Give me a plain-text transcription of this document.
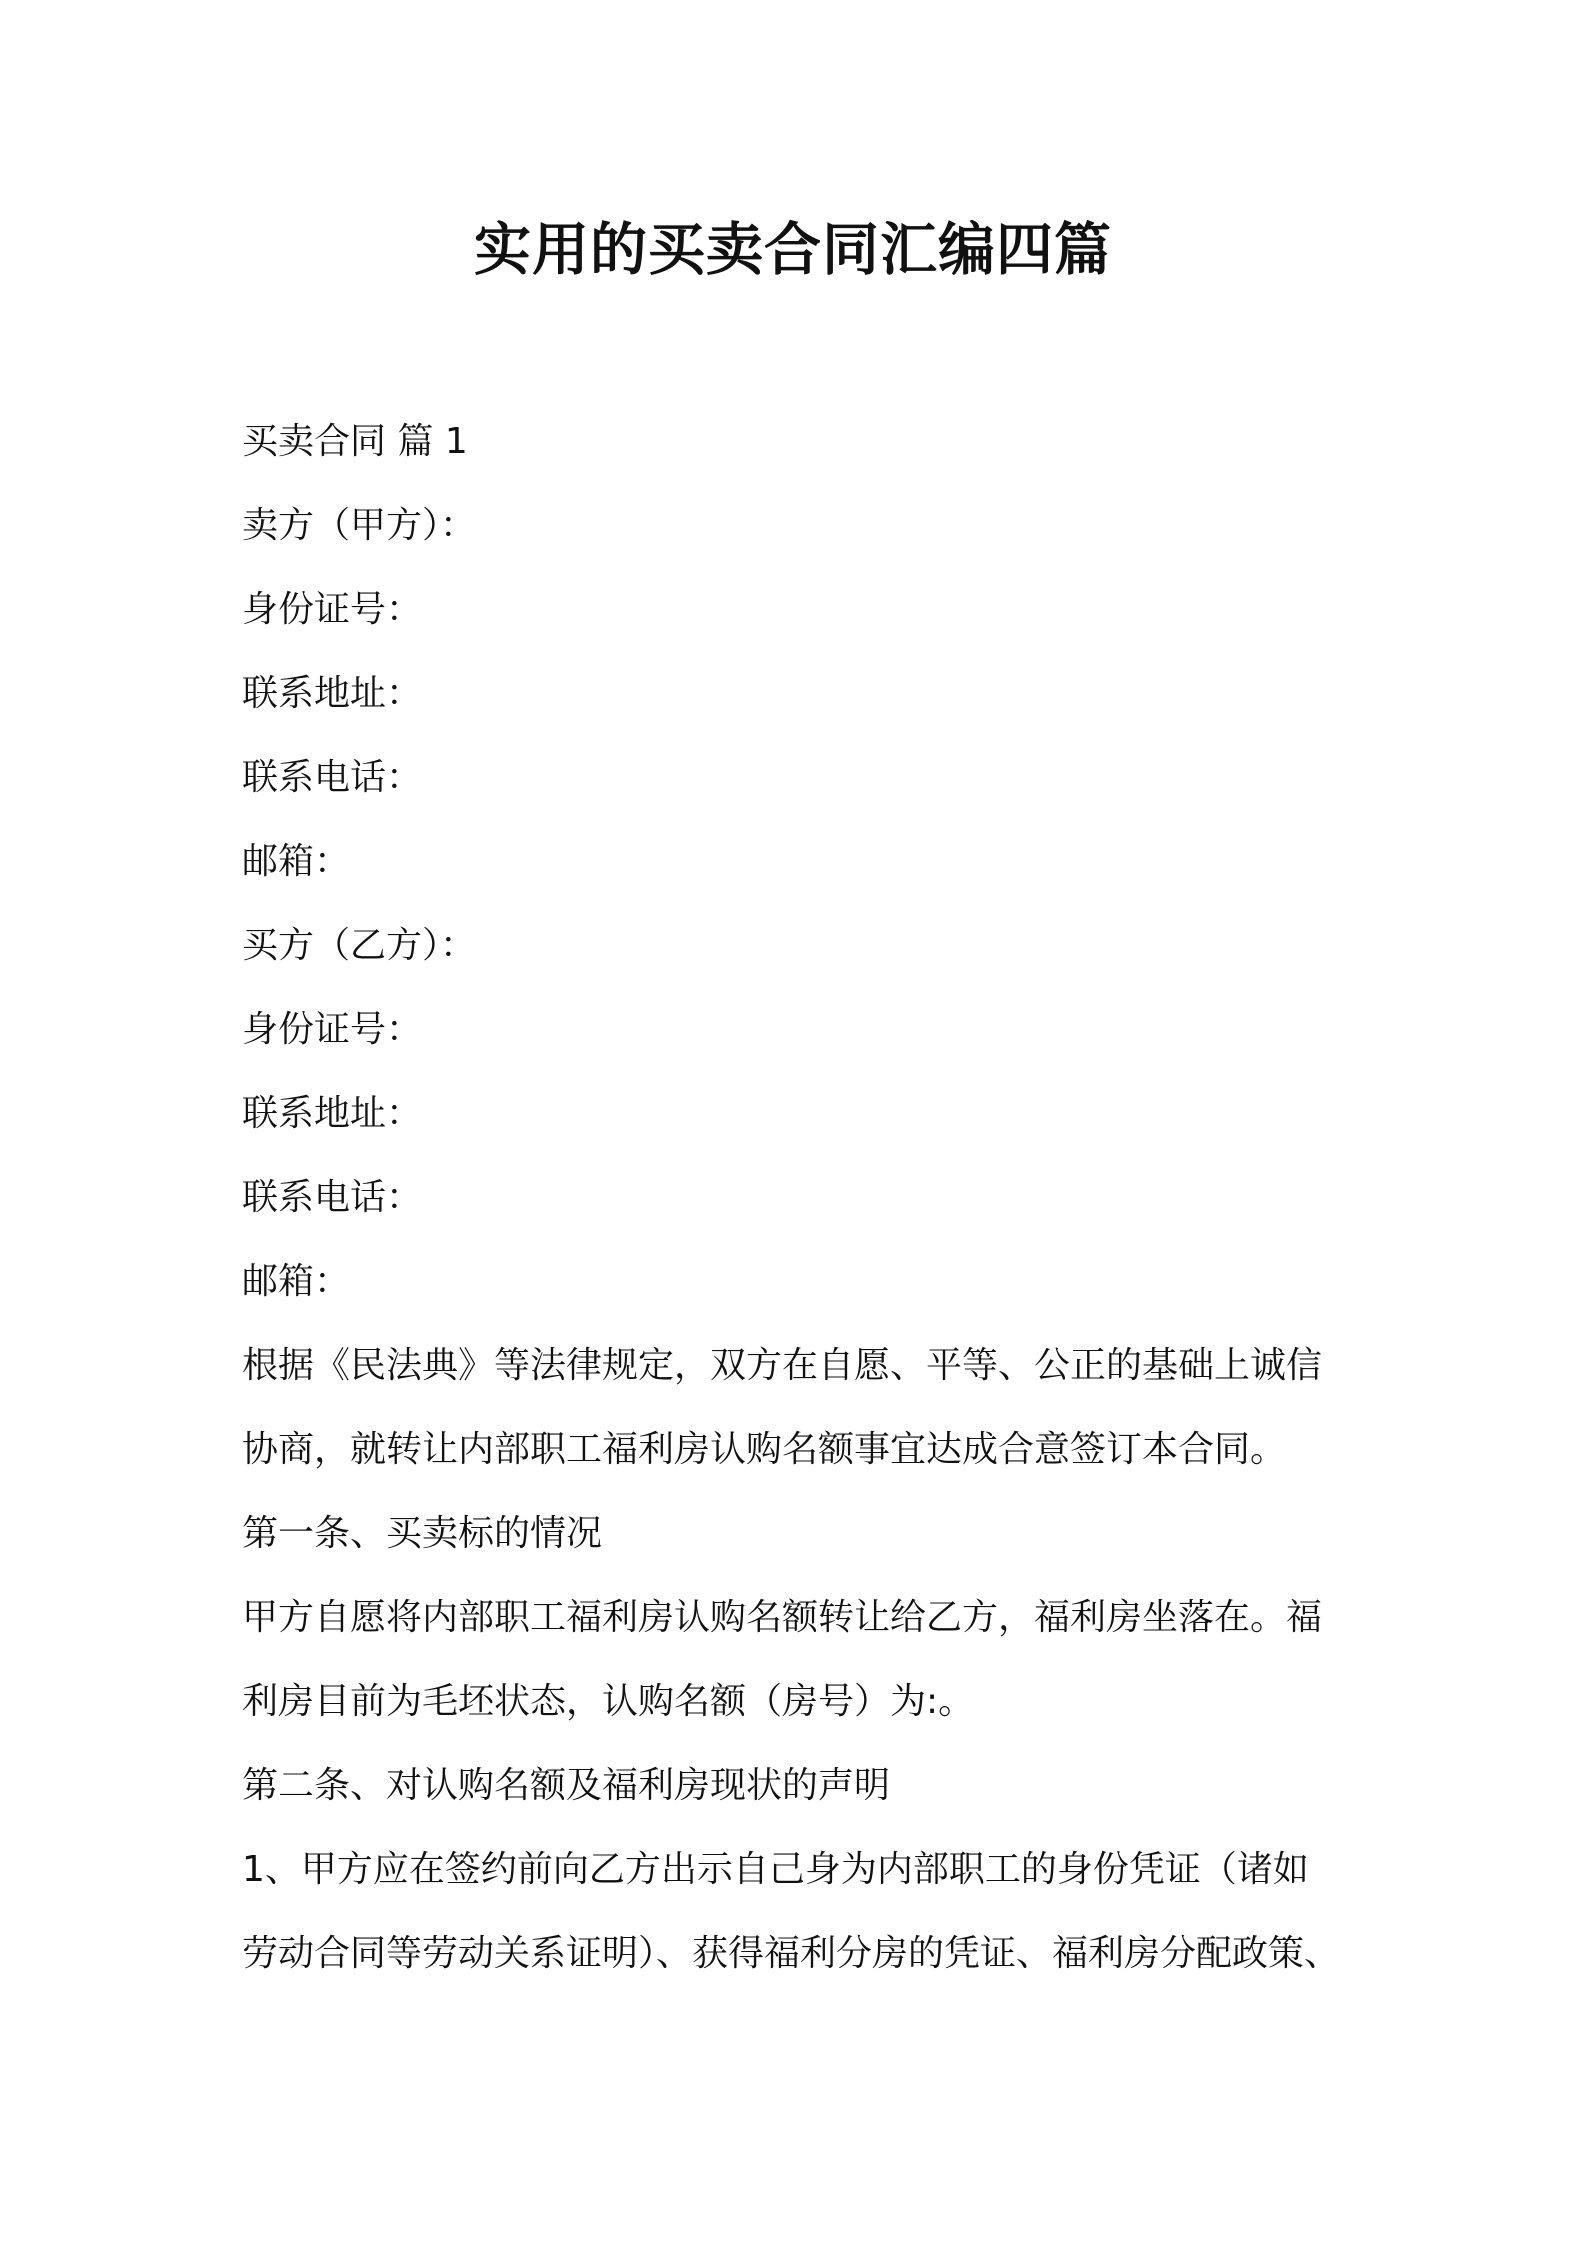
实用的买卖合同汇编四篇

买卖合同 篇 1

卖方（甲方）：

身份证号：

联系地址：

联系电话：

邮箱：

买方（乙方）：

身份证号：

联系地址：

联系电话：

邮箱：

根据《民法典》等法律规定，双方在自愿、平等、公正的基础上诚信

协商，就转让内部职工福利房认购名额事宜达成合意签订本合同。

第一条、买卖标的情况

甲方自愿将内部职工福利房认购名额转让给乙方，福利房坐落在。福

利房目前为毛坯状态，认购名额（房号）为:。

第二条、对认购名额及福利房现状的声明

1、甲方应在签约前向乙方出示自己身为内部职工的身份凭证（诸如

劳动合同等劳动关系证明）、获得福利分房的凭证、福利房分配政策、
